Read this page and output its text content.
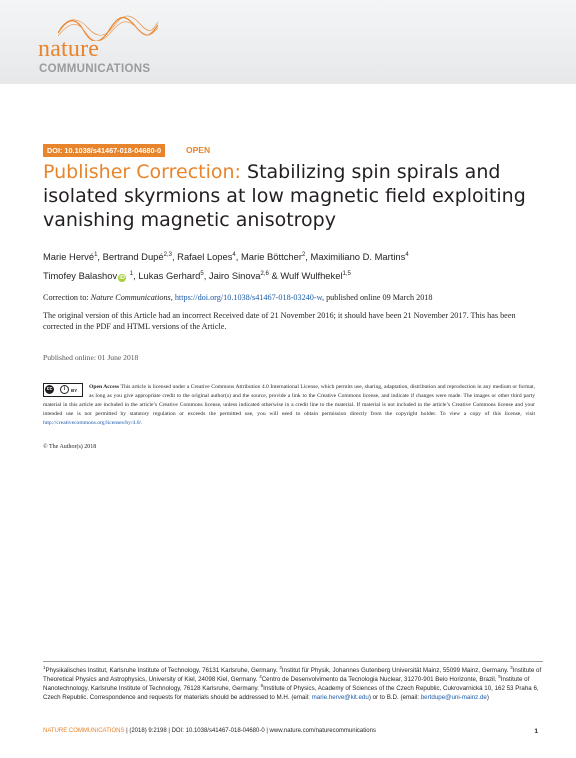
nature
COMMUNICATIONS
DOI: 10.1038/s41467-018-04680-0	OPEN
Publisher Correction: Stabilizing spin spirals and isolated skyrmions at low magnetic field exploiting vanishing magnetic anisotropy
Marie Hervé$^1$, Bertrand Dupé$^{2,3}$, Rafael Lopes$^4$, Marie Böttcher$^2$, Maximiliano D. Martins$^4$
Timofey Balashov iD $^1$, Lukas Gerhard$^5$, Jairo Sinova$^{2,6}$ & Wulf Wulfhekel$^{1,5}$
Correction to: Nature Communications, https://doi.org/10.1038/s41467-018-03240-w, published online 09 March 2018
The original version of this Article had an incorrect Received date of 21 November 2016; it should have been 21 November 2017. This has been corrected in the PDF and HTML versions of the Article.
Published online: 01 June 2018
cc	i	BY
Open Access This article is licensed under a Creative Commons Attribution 4.0 International License, which permits use, sharing, adaptation, distribution and reproduction in any medium or format, as long as you give appropriate credit to the original author(s) and the source, provide a link to the Creative Commons license, and indicate if changes were made. The images or other third party material in this article are included in the article’s Creative Commons license, unless indicated otherwise in a credit line to the material. If material is not included in the article’s Creative Commons license and your intended use is not permitted by statutory regulation or exceeds the permitted use, you will need to obtain permission directly from the copyright holder. To view a copy of this license, visit http://creativecommons.org/licenses/by/4.0/.
© The Author(s) 2018
$^1$Physikalisches Institut, Karlsruhe Institute of Technology, 76131 Karlsruhe, Germany. $^2$Institut für Physik, Johannes Gutenberg Universität Mainz, 55099 Mainz, Germany. $^3$Institute of Theoretical Physics and Astrophysics, University of Kiel, 24098 Kiel, Germany. $^4$Centro de Desenvolvimento da Tecnologia Nuclear, 31270-901 Belo Horizonte, Brazil. $^5$Institute of Nanotechnology, Karlsruhe Institute of Technology, 76128 Karlsruhe, Germany. $^6$Institute of Physics, Academy of Sciences of the Czech Republic, Cukrovarnická 10, 162 53 Praha 6, Czech Republic. Correspondence and requests for materials should be addressed to M.H. (email: marie.herve@kit.edu) or to B.D. (email: bertdupe@uni-mainz.de)
NATURE COMMUNICATIONS | (2018) 9:2198 | DOI: 10.1038/s41467-018-04680-0 | www.nature.com/naturecommunications	1
